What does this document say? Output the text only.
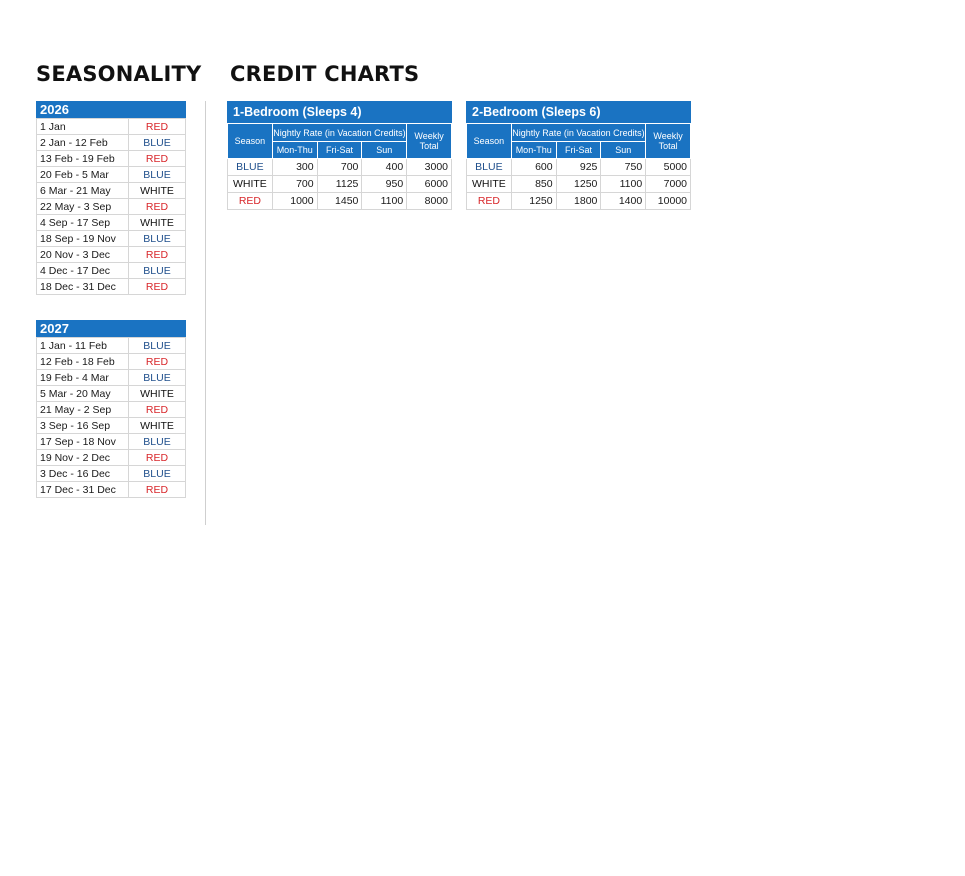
SEASONALITY CREDIT CHARTS
2026
1 Jan	RED
2 Jan - 12 Feb	BLUE
13 Feb - 19 Feb	RED
20 Feb - 5 Mar	BLUE
6 Mar - 21 May	WHITE
22 May - 3 Sep	RED
4 Sep - 17 Sep	WHITE
18 Sep - 19 Nov	BLUE
20 Nov - 3 Dec	RED
4 Dec - 17 Dec	BLUE
18 Dec - 31 Dec	RED
2027
1 Jan - 11 Feb	BLUE
12 Feb - 18 Feb	RED
19 Feb - 4 Mar	BLUE
5 Mar - 20 May	WHITE
21 May - 2 Sep	RED
3 Sep - 16 Sep	WHITE
17 Sep - 18 Nov	BLUE
19 Nov - 2 Dec	RED
3 Dec - 16 Dec	BLUE
17 Dec - 31 Dec	RED
1-Bedroom (Sleeps 4)
Season	Nightly Rate (in Vacation Credits)			Weekly
Total
	Mon-Thu	Fri-Sat	Sun	
BLUE	300	700	400	3000
WHITE	700	1125	950	6000
RED	1000	1450	1100	8000
2-Bedroom (Sleeps 6)
Season	Nightly Rate (in Vacation Credits)			Weekly
Total
	Mon-Thu	Fri-Sat	Sun	
BLUE	600	925	750	5000
WHITE	850	1250	1100	7000
RED	1250	1800	1400	10000
